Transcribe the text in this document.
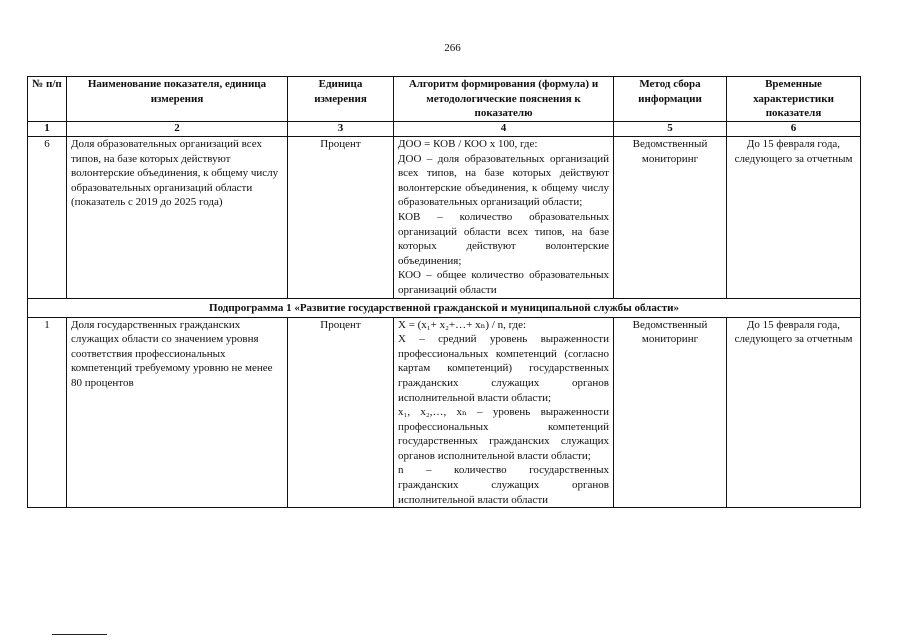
266
№ п/п	Наименование показателя, единица измерения	Единица измерения	Алгоритм формирования (формула) и методологические пояснения к показателю	Метод сбора информации	Временные характеристики показателя
1	2	3	4	5	6
6	Доля образовательных организаций всех типов, на базе которых действуют волонтерские объединения, к общему числу образовательных организаций области (показатель с 2019 до 2025 года)	Процент	ДОО = КОВ / КОО х 100, где:
ДОО – доля образовательных организаций всех типов, на базе которых действуют волонтерские объединения, к общему числу образовательных организаций области;
КОВ – количество образовательных организаций области всех типов, на базе которых действуют волонтерские объединения;
КОО – общее количество образовательных организаций области	Ведомственный мониторинг	До 15 февраля года, следующего за отчетным
Подпрограмма 1 «Развитие государственной гражданской и муниципальной службы области»					
1	Доля государственных гражданских служащих области со значением уровня соответствия профессиональных компетенций требуемому уровню не менее 80 процентов	Процент	X = (x₁+ x₂+…+ xₙ) / n, где:
X – средний уровень выраженности профессиональных компетенций (согласно картам компетенций) государственных гражданских служащих органов исполнительной власти области;
x₁, x₂,…, xₙ – уровень выраженности профессиональных компетенций государственных гражданских служащих органов исполнительной власти области;
n – количество государственных гражданских служащих органов исполнительной власти области	Ведомственный мониторинг	До 15 февраля года, следующего за отчетным
